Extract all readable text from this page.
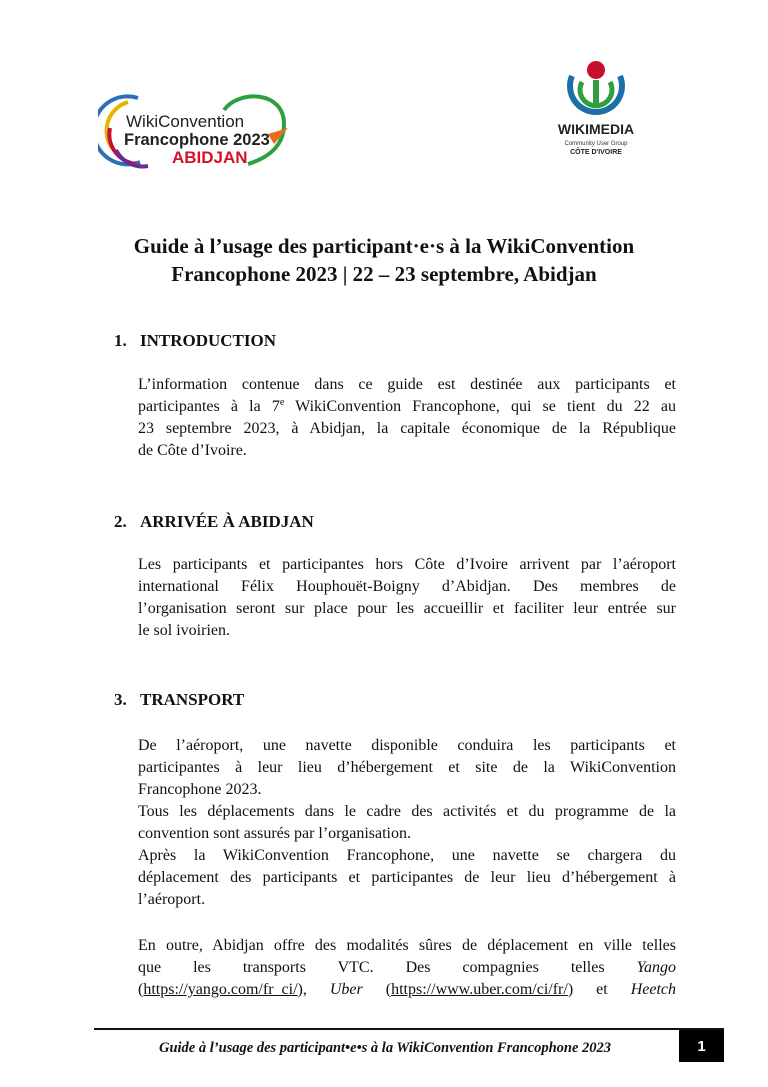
WikiConvention
Francophone 2023
ABIDJAN
WIKIMEDIA
Community User Group
CÔTE D'IVOIRE
Guide à l’usage des participant·e·s à la WikiConvention
Francophone 2023 | 22 – 23 septembre, Abidjan
1. INTRODUCTION
L’information contenue dans ce guide est destinée aux participants et
participantes à la 7e WikiConvention Francophone, qui se tient du 22 au
23 septembre 2023, à Abidjan, la capitale économique de la République
de Côte d’Ivoire.
2. ARRIVÉE À ABIDJAN
Les participants et participantes hors Côte d’Ivoire arrivent par l’aéroport
international Félix Houphouët-Boigny d’Abidjan. Des membres de
l’organisation seront sur place pour les accueillir et faciliter leur entrée sur
le sol ivoirien.
3. TRANSPORT
De l’aéroport, une navette disponible conduira les participants et
participantes à leur lieu d’hébergement et site de la WikiConvention
Francophone 2023.
Tous les déplacements dans le cadre des activités et du programme de la
convention sont assurés par l’organisation.
Après la WikiConvention Francophone, une navette se chargera du
déplacement des participants et participantes de leur lieu d’hébergement à
l’aéroport.
En outre, Abidjan offre des modalités sûres de déplacement en ville telles
que les transports VTC. Des compagnies telles Yango
(https://yango.com/fr_ci/), Uber (https://www.uber.com/ci/fr/) et Heetch
Guide à l’usage des participant•e•s à la WikiConvention Francophone 2023	1
